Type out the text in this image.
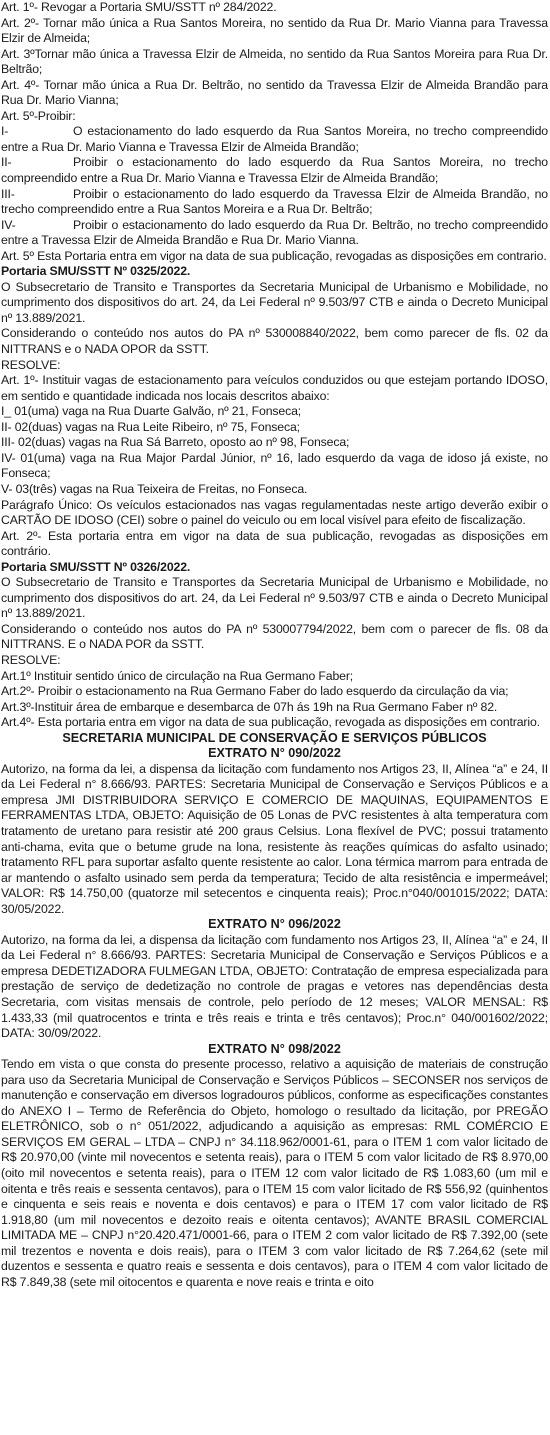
Art. 1º- Revogar a Portaria SMU/SSTT nº 284/2022.

Art. 2º- Tornar mão única a Rua Santos Moreira, no sentido da Rua Dr. Mario Vianna para Travessa Elzir de Almeida;

Art. 3ºTornar mão única a Travessa Elzir de Almeida, no sentido da Rua Santos Moreira para Rua Dr. Beltrão;

Art. 4º- Tornar mão única a Rua Dr. Beltrão, no sentido da Travessa Elzir de Almeida Brandão para Rua Dr. Mario Vianna;

Art. 5º-Proibir:

I-	O estacionamento do lado esquerdo da Rua Santos Moreira, no trecho compreendido entre a Rua Dr. Mario Vianna e Travessa Elzir de Almeida Brandão;

II-	Proibir o estacionamento do lado esquerdo da Rua Santos Moreira, no trecho compreendido entre a Rua Dr. Mario Vianna e Travessa Elzir de Almeida Brandão;

III-	Proibir o estacionamento do lado esquerdo da Travessa Elzir de Almeida Brandão, no trecho compreendido entre a Rua Santos Moreira e a Rua Dr. Beltrão;

IV-	Proibir o estacionamento do lado esquerdo da Rua Dr. Beltrão, no trecho compreendido entre a Travessa Elzir de Almeida Brandão e Rua Dr. Mario Vianna.

Art. 5º Esta Portaria entra em vigor na data de sua publicação, revogadas as disposições em contrario.

Portaria SMU/SSTT Nº 0325/2022.

O Subsecretario de Transito e Transportes da Secretaria Municipal de Urbanismo e Mobilidade, no cumprimento dos dispositivos do art. 24, da Lei Federal nº 9.503/97 CTB e ainda o Decreto Municipal nº 13.889/2021.

Considerando o conteúdo nos autos do PA nº 530008840/2022, bem como parecer de fls. 02 da NITTRANS e o NADA OPOR da SSTT.

RESOLVE:

Art. 1º- Instituir vagas de estacionamento para veículos conduzidos ou que estejam portando IDOSO, em sentido e quantidade indicada nos locais descritos abaixo:

I_ 01(uma) vaga na Rua Duarte Galvão, nº 21, Fonseca;

II- 02(duas) vagas na Rua Leite Ribeiro, nº 75, Fonseca;

III- 02(duas) vagas na Rua Sá Barreto, oposto ao nº 98, Fonseca;

IV- 01(uma) vaga na Rua Major Pardal Júnior, nº 16, lado esquerdo da vaga de idoso já existe, no Fonseca;

V- 03(três) vagas na Rua Teixeira de Freitas, no Fonseca.

Parágrafo Único: Os veículos estacionados nas vagas regulamentadas neste artigo deverão exibir o CARTÃO DE IDOSO (CEI) sobre o painel do veiculo ou em local visível para efeito de fiscalização.

Art. 2º- Esta portaria entra em vigor na data de sua publicação, revogadas as disposições em contrário.

Portaria SMU/SSTT Nº 0326/2022.

O Subsecretario de Transito e Transportes da Secretaria Municipal de Urbanismo e Mobilidade, no cumprimento dos dispositivos do art. 24, da Lei Federal nº 9.503/97 CTB e ainda o Decreto Municipal nº 13.889/2021.

Considerando o conteúdo nos autos do PA nº 530007794/2022, bem com o parecer de fls. 08 da NITTRANS. E o NADA POR da SSTT.

RESOLVE:

Art.1º Instituir sentido único de circulação na Rua Germano Faber;

Art.2º- Proibir o estacionamento na Rua Germano Faber do lado esquerdo da circulação da via;

Art.3º-Instituir área de embarque e desembarca de 07h ás 19h na Rua Germano Faber nº 82.

Art.4º- Esta portaria entra em vigor na data de sua publicação, revogada as disposições em contrario.

SECRETARIA MUNICIPAL DE CONSERVAÇÃO E SERVIÇOS PÚBLICOS

EXTRATO N° 090/2022

Autorizo, na forma da lei, a dispensa da licitação com fundamento nos Artigos 23, II, Alínea “a” e 24, II da Lei Federal n° 8.666/93. PARTES: Secretaria Municipal de Conservação e Serviços Públicos e a empresa JMI DISTRIBUIDORA SERVIÇO E COMERCIO DE MAQUINAS, EQUIPAMENTOS E FERRAMENTAS LTDA, OBJETO: Aquisição de 05 Lonas de PVC resistentes à alta temperatura com tratamento de uretano para resistir até 200 graus Celsius. Lona flexível de PVC; possui tratamento anti-chama, evita que o betume grude na lona, resistente às reações químicas do asfalto usinado; tratamento RFL para suportar asfalto quente resistente ao calor. Lona térmica marrom para entrada de ar mantendo o asfalto usinado sem perda da temperatura; Tecido de alta resistência e impermeável; VALOR: R$ 14.750,00 (quatorze mil setecentos e cinquenta reais); Proc.n°040/001015/2022; DATA: 30/05/2022.

EXTRATO N° 096/2022

Autorizo, na forma da lei, a dispensa da licitação com fundamento nos Artigos 23, II, Alínea “a” e 24, II da Lei Federal n° 8.666/93. PARTES: Secretaria Municipal de Conservação e Serviços Públicos e a empresa DEDETIZADORA FULMEGAN LTDA, OBJETO: Contratação de empresa especializada para prestação de serviço de dedetização no controle de pragas e vetores nas dependências desta Secretaria, com visitas mensais de controle, pelo período de 12 meses; VALOR MENSAL: R$ 1.433,33 (mil quatrocentos e trinta e três reais e trinta e três centavos); Proc.n° 040/001602/2022; DATA: 30/09/2022.

EXTRATO N° 098/2022

Tendo em vista o que consta do presente processo, relativo a aquisição de materiais de construção para uso da Secretaria Municipal de Conservação e Serviços Públicos – SECONSER nos serviços de manutenção e conservação em diversos logradouros públicos, conforme as especificações constantes do ANEXO I – Termo de Referência do Objeto, homologo o resultado da licitação, por PREGÃO ELETRÔNICO, sob o n° 051/2022, adjudicando a aquisição as empresas: RML COMÉRCIO E SERVIÇOS EM GERAL – LTDA – CNPJ n° 34.118.962/0001-61, para o ITEM 1 com valor licitado de R$ 20.970,00 (vinte mil novecentos e setenta reais), para o ITEM 5 com valor licitado de R$ 8.970,00 (oito mil novecentos e setenta reais), para o ITEM 12 com valor licitado de R$ 1.083,60 (um mil e oitenta e três reais e sessenta centavos), para o ITEM 15 com valor licitado de R$ 556,92 (quinhentos e cinquenta e seis reais e noventa e dois centavos) e para o ITEM 17 com valor licitado de R$ 1.918,80 (um mil novecentos e dezoito reais e oitenta centavos); AVANTE BRASIL COMERCIAL LIMITADA ME – CNPJ n°20.420.471/0001-66, para o ITEM 2 com valor licitado de R$ 7.392,00 (sete mil trezentos e noventa e dois reais), para o ITEM 3 com valor licitado de R$ 7.264,62 (sete mil duzentos e sessenta e quatro reais e sessenta e dois centavos), para o ITEM 4 com valor licitado de R$ 7.849,38 (sete mil oitocentos e quarenta e nove reais e trinta e oito
